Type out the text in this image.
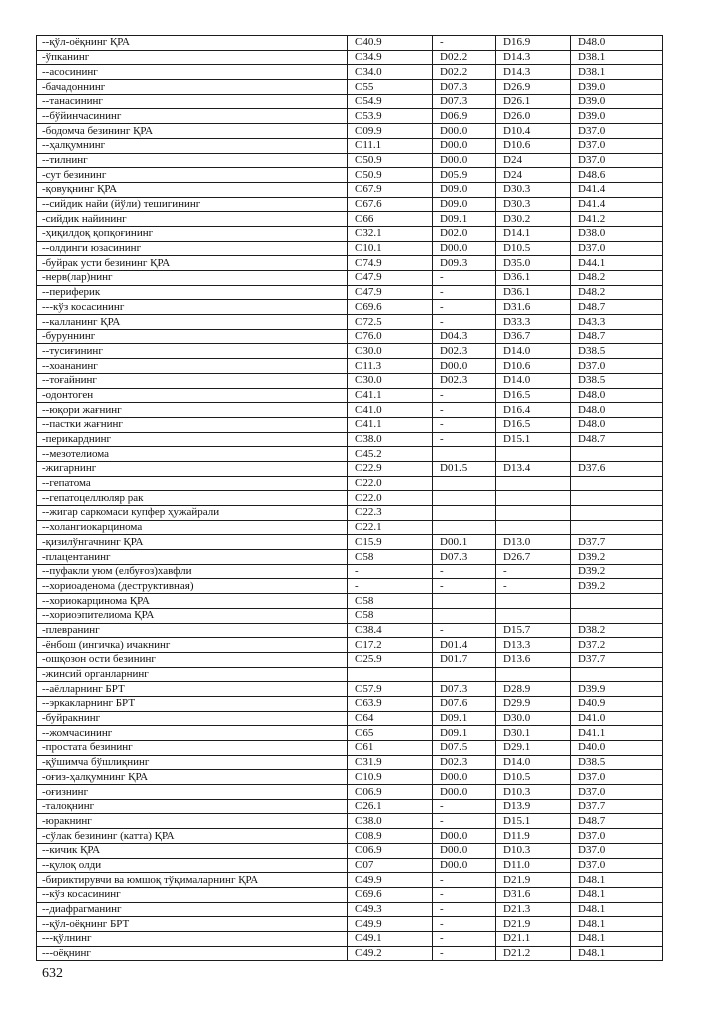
--қўл-оёқнинг ҚРА	C40.9	-	D16.9	D48.0
-ўпканинг	C34.9	D02.2	D14.3	D38.1
--асосининг	C34.0	D02.2	D14.3	D38.1
-бачадоннинг	C55	D07.3	D26.9	D39.0
--танасининг	C54.9	D07.3	D26.1	D39.0
--бўйинчасининг	C53.9	D06.9	D26.0	D39.0
-бодомча безининг ҚРА	C09.9	D00.0	D10.4	D37.0
--ҳалқумнинг	C11.1	D00.0	D10.6	D37.0
--тилнинг	C50.9	D00.0	D24	D37.0
-сут безининг	C50.9	D05.9	D24	D48.6
-қовуқнинг ҚРА	C67.9	D09.0	D30.3	D41.4
--сийдик найи (йўли) тешигининг	C67.6	D09.0	D30.3	D41.4
-сийдик найининг	C66	D09.1	D30.2	D41.2
-ҳиқилдоқ қопқоғининг	C32.1	D02.0	D14.1	D38.0
--олдинги юзасининг	C10.1	D00.0	D10.5	D37.0
-буйрак усти безининг ҚРА	C74.9	D09.3	D35.0	D44.1
-нерв(лар)нинг	C47.9	-	D36.1	D48.2
--периферик	C47.9	-	D36.1	D48.2
---кўз косасининг	C69.6	-	D31.6	D48.7
--калланинг ҚРА	C72.5	-	D33.3	D43.3
-буруннинг	C76.0	D04.3	D36.7	D48.7
--тусиғининг	C30.0	D02.3	D14.0	D38.5
--хоананинг	C11.3	D00.0	D10.6	D37.0
--тоғайнинг	C30.0	D02.3	D14.0	D38.5
-одонтоген	C41.1	-	D16.5	D48.0
--юқори жағнинг	C41.0	-	D16.4	D48.0
--пастки жағнинг	C41.1	-	D16.5	D48.0
-перикарднинг	C38.0	-	D15.1	D48.7
--мезотелиома	C45.2			
-жигарнинг	C22.9	D01.5	D13.4	D37.6
--гепатома	C22.0			
--гепатоцеллюляр рак	C22.0			
--жигар саркомаси купфер ҳужайрали	C22.3			
--холангиокарцинома	C22.1			
-қизилўнгачнинг ҚРА	C15.9	D00.1	D13.0	D37.7
-плацентанинг	C58	D07.3	D26.7	D39.2
--пуфакли уюм (елбуғоз)хавфли	-	-	-	D39.2
--хориоаденома (деструктивная)	-	-	-	D39.2
--хориокарцинома ҚРА	C58			
--хориоэпителиома ҚРА	C58			
-плевранинг	C38.4	-	D15.7	D38.2
-ёнбош (ингичка) ичакнинг	C17.2	D01.4	D13.3	D37.2
-ошқозон ости безининг	C25.9	D01.7	D13.6	D37.7
-жинсий органларнинг				
--аёлларнинг БРТ	C57.9	D07.3	D28.9	D39.9
--эркакларнинг БРТ	C63.9	D07.6	D29.9	D40.9
-буйракнинг	C64	D09.1	D30.0	D41.0
--жомчасининг	C65	D09.1	D30.1	D41.1
-простата безининг	C61	D07.5	D29.1	D40.0
-қўшимча бўшлиқнинг	C31.9	D02.3	D14.0	D38.5
-оғиз-ҳалқумнинг ҚРА	C10.9	D00.0	D10.5	D37.0
-оғизнинг	C06.9	D00.0	D10.3	D37.0
-талоқнинг	C26.1	-	D13.9	D37.7
-юракнинг	C38.0	-	D15.1	D48.7
-сўлак безининг (катта) ҚРА	C08.9	D00.0	D11.9	D37.0
--кичик ҚРА	C06.9	D00.0	D10.3	D37.0
--қулоқ олди	C07	D00.0	D11.0	D37.0
-бириктирувчи ва юмшоқ тўқималарнинг ҚРА	C49.9	-	D21.9	D48.1
--кўз косасининг	C69.6	-	D31.6	D48.1
--диафрагманинг	C49.3	-	D21.3	D48.1
--қўл-оёқнинг БРТ	C49.9	-	D21.9	D48.1
---қўлнинг	C49.1	-	D21.1	D48.1
---оёқнинг	C49.2	-	D21.2	D48.1
632
